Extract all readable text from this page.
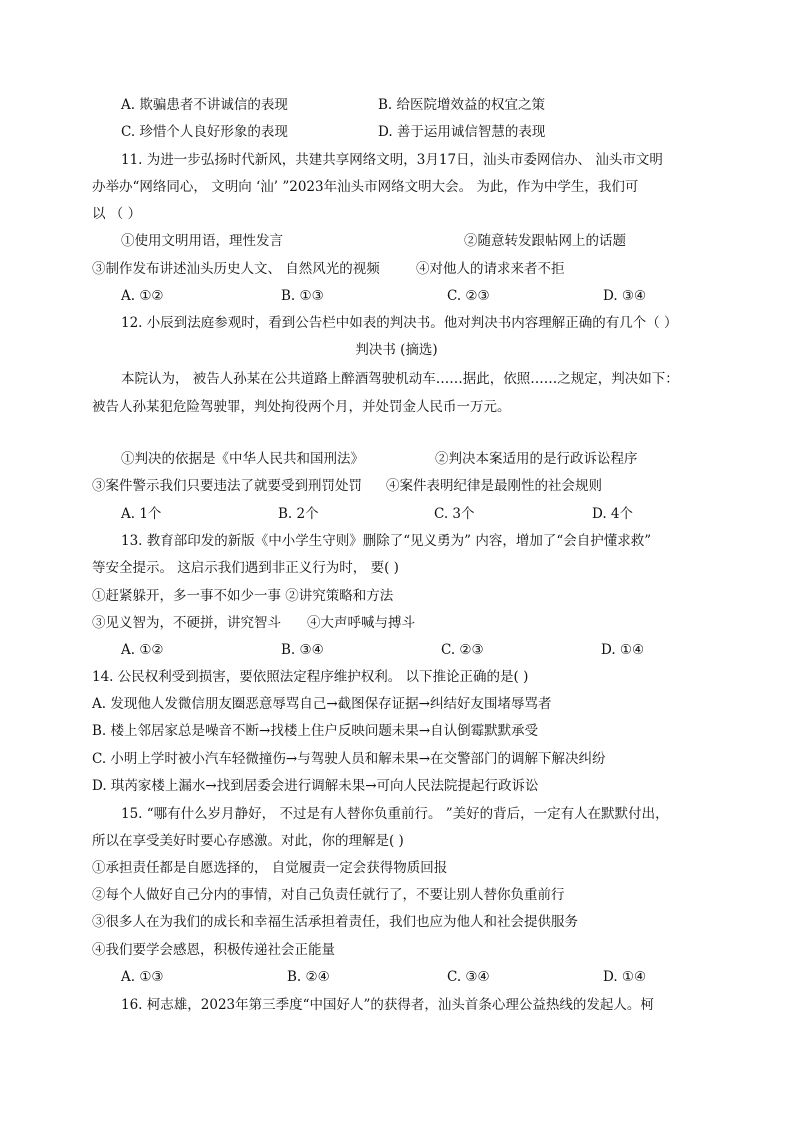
A. 欺骗患者不讲诚信的表现	B. 给医院增效益的权宜之策
C. 珍惜个人良好形象的表现	D. 善于运用诚信智慧的表现
11. 为进一步弘扬时代新风，共建共享网络文明，3月17日，汕头市委网信办、 汕头市文明
办举办“网络同心， 文明向 ‘汕’ ”2023年汕头市网络文明大会。 为此，作为中学生，我们可
以 （ ）
①使用文明用语，理性发言	②随意转发跟帖网上的话题
③制作发布讲述汕头历史人文、 自然风光的视频	④对他人的请求来者不拒
A. ①②	B. ①③	C. ②③	D. ③④
12. 小辰到法庭参观时，看到公告栏中如表的判决书。他对判决书内容理解正确的有几个（ ）
判决书 (摘选)
本院认为， 被告人孙某在公共道路上醉酒驾驶机动车……据此，依照……之规定，判决如下：
被告人孙某犯危险驾驶罪，判处拘役两个月，并处罚金人民币一万元。
①判决的依据是《中华人民共和国刑法》	②判决本案适用的是行政诉讼程序
③案件警示我们只要违法了就要受到刑罚处罚 ④案件表明纪律是最刚性的社会规则
A. 1个	B. 2个	C. 3个	D. 4个
13. 教育部印发的新版《中小学生守则》删除了“见义勇为” 内容，增加了“会自护懂求救”
等安全提示。 这启示我们遇到非正义行为时， 要( )
①赶紧躲开，多一事不如少一事 ②讲究策略和方法
③见义智为，不硬拼，讲究智斗 ④大声呼喊与搏斗
A. ①②	B. ③④	C. ②③	D. ①④
14. 公民权利受到损害，要依照法定程序维护权利。 以下推论正确的是( )
A. 发现他人发微信朋友圈恶意辱骂自己→截图保存证据→纠结好友围堵辱骂者
B. 楼上邻居家总是噪音不断→找楼上住户反映问题未果→自认倒霉默默承受
C. 小明上学时被小汽车轻微撞伤→与驾驶人员和解未果→在交警部门的调解下解决纠纷
D. 琪芮家楼上漏水→找到居委会进行调解未果→可向人民法院提起行政诉讼
15. “哪有什么岁月静好， 不过是有人替你负重前行。 ”美好的背后，一定有人在默默付出，
所以在享受美好时要心存感激。对此，你的理解是( )
①承担责任都是自愿选择的， 自觉履责一定会获得物质回报
②每个人做好自己分内的事情，对自己负责任就行了，不要让别人替你负重前行
③很多人在为我们的成长和幸福生活承担着责任，我们也应为他人和社会提供服务
④我们要学会感恩，积极传递社会正能量
A. ①③	B. ②④	C. ③④	D. ①④
16. 柯志雄，2023年第三季度“中国好人”的获得者，汕头首条心理公益热线的发起人。柯
